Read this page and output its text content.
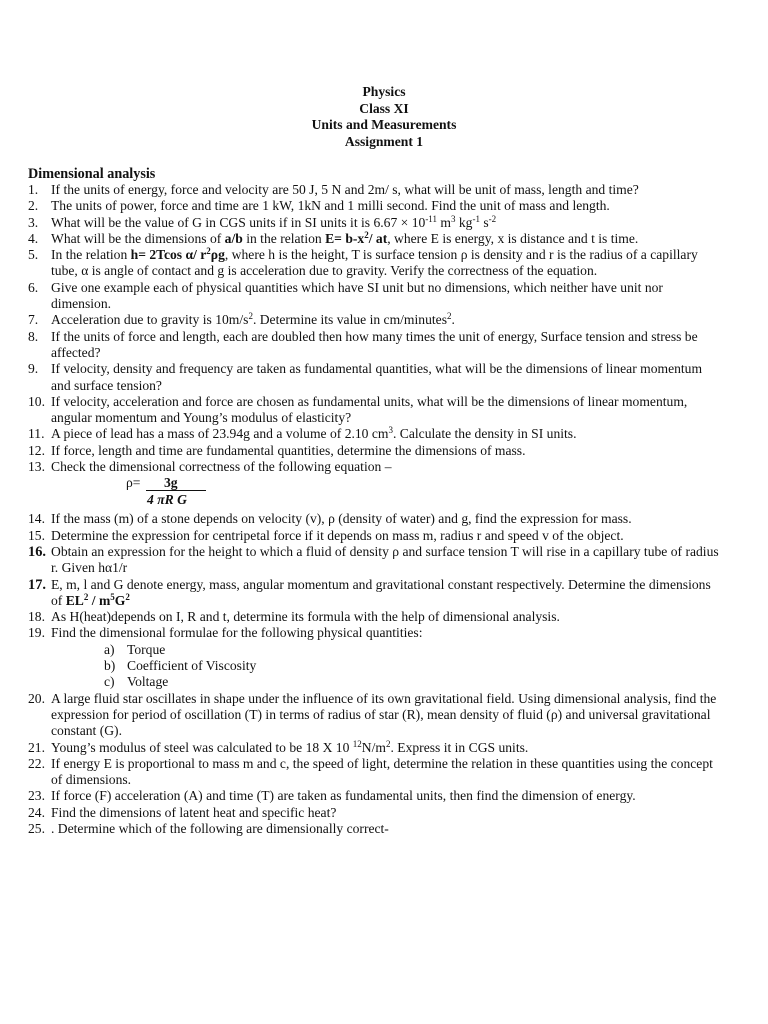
Physics
Class XI
Units and Measurements
Assignment 1
Dimensional analysis
1. If the units of energy, force and velocity are 50 J, 5 N and 2m/ s, what will be unit of mass, length and time?
2. The units of power, force and time are 1 kW, 1kN and 1 milli second. Find the unit of mass and length.
3. What will be the value of G in CGS units if in SI units it is $6.67 \times 10^{-11}$ $m^3$ $kg^{-1}$ $s^{-2}$
4. What will be the dimensions of a/b in the relation $E= b-x^2/$ at, where E is energy, x is distance and t is time.
5. In the relation h= 2Tcos α/ $r^2\rho g$, where h is the height, T is surface tension ρ is density and r is the radius of a capillary tube, α is angle of contact and g is acceleration due to gravity. Verify the correctness of the equation.
6. Give one example each of physical quantities which have SI unit but no dimensions, which neither have unit nor dimension.
7. Acceleration due to gravity is $10m/s^2$. Determine its value in cm/minutes$^2$.
8. If the units of force and length, each are doubled then how many times the unit of energy, Surface tension and stress be affected?
9. If velocity, density and frequency are taken as fundamental quantities, what will be the dimensions of linear momentum and surface tension?
10. If velocity, acceleration and force are chosen as fundamental units, what will be the dimensions of linear momentum, angular momentum and Young’s modulus of elasticity?
11. A piece of lead has a mass of 23.94g and a volume of 2.10 $cm^3$. Calculate the density in SI units.
12. If force, length and time are fundamental quantities, determine the dimensions of mass.
13. Check the dimensional correctness of the following equation –
ρ= 3g
4 πR G
14. If the mass (m) of a stone depends on velocity (v), ρ (density of water) and g, find the expression for mass.
15. Determine the expression for centripetal force if it depends on mass m, radius r and speed v of the object.
16. Obtain an expression for the height to which a fluid of density ρ and surface tension T will rise in a capillary tube of radius r. Given hα1/r
17. E, m, l and G denote energy, mass, angular momentum and gravitational constant respectively. Determine the dimensions of $EL^2 / m^5G^2$
18. As H(heat)depends on I, R and t, determine its formula with the help of dimensional analysis.
19. Find the dimensional formulae for the following physical quantities:
a) Torque
b) Coefficient of Viscosity
c) Voltage
20. A large fluid star oscillates in shape under the influence of its own gravitational field. Using dimensional analysis, find the expression for period of oscillation (T) in terms of radius of star (R), mean density of fluid (ρ) and universal gravitational constant (G).
21. Young’s modulus of steel was calculated to be 18 X 10 $^{12}N/m^2$. Express it in CGS units.
22. If energy E is proportional to mass m and c, the speed of light, determine the relation in these quantities using the concept of dimensions.
23. If force (F) acceleration (A) and time (T) are taken as fundamental units, then find the dimension of energy.
24. Find the dimensions of latent heat and specific heat?
25. . Determine which of the following are dimensionally correct-
